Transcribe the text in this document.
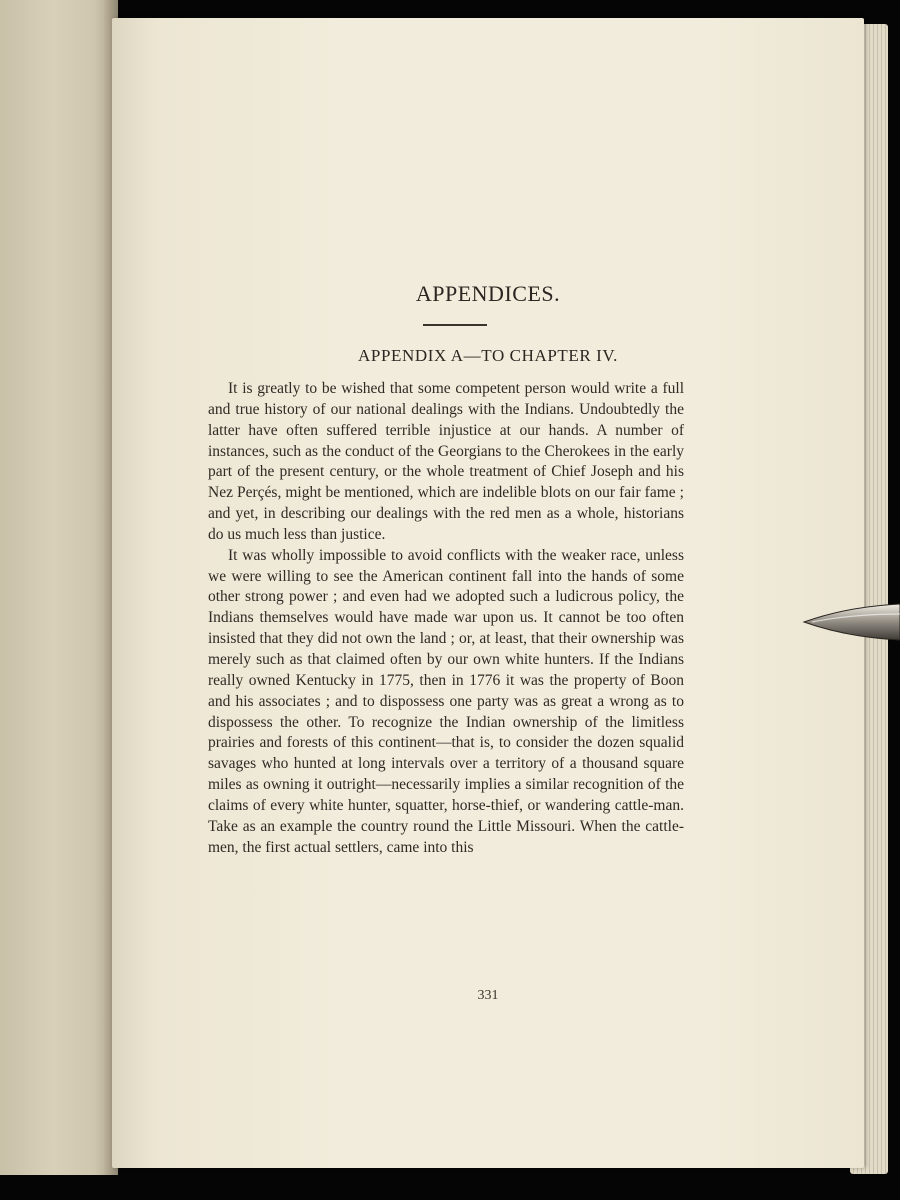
APPENDICES.
APPENDIX A—TO CHAPTER IV.

It is greatly to be wished that some competent person would write a full and true history of our national dealings with the Indians. Undoubtedly the latter have often suffered terrible injustice at our hands. A number of instances, such as the conduct of the Georgians to the Cherokees in the early part of the present century, or the whole treatment of Chief Joseph and his Nez Perçés, might be mentioned, which are indelible blots on our fair fame ; and yet, in describing our dealings with the red men as a whole, historians do us much less than justice.

It was wholly impossible to avoid conflicts with the weaker race, unless we were willing to see the American continent fall into the hands of some other strong power ; and even had we adopted such a ludicrous policy, the Indians themselves would have made war upon us. It cannot be too often insisted that they did not own the land ; or, at least, that their ownership was merely such as that claimed often by our own white hunters. If the Indians really owned Kentucky in 1775, then in 1776 it was the property of Boon and his associates ; and to dispossess one party was as great a wrong as to dispossess the other. To recognize the Indian ownership of the limitless prairies and forests of this continent—that is, to consider the dozen squalid savages who hunted at long intervals over a territory of a thousand square miles as owning it outright—necessarily implies a similar recognition of the claims of every white hunter, squatter, horse-thief, or wandering cattle-man. Take as an example the country round the Little Missouri. When the cattle-men, the first actual settlers, came into this

331
